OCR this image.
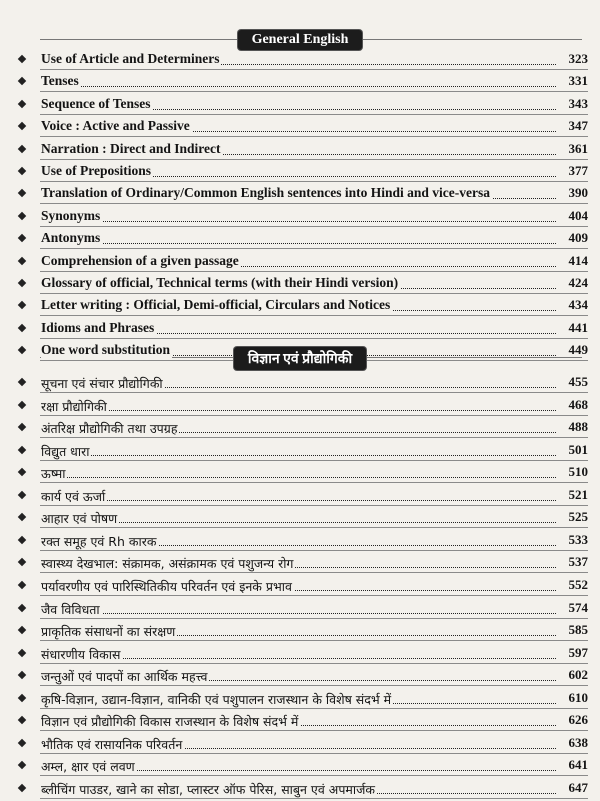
General English
Use of Article and Determiners	323
Tenses	331
Sequence of Tenses	343
Voice : Active and Passive	347
Narration : Direct and Indirect	361
Use of Prepositions	377
Translation of Ordinary/Common English sentences into Hindi and vice-versa	390
Synonyms	404
Antonyms	409
Comprehension of a given passage	414
Glossary of official, Technical terms (with their Hindi version)	424
Letter writing : Official, Demi-official, Circulars and Notices	434
Idioms and Phrases	441
One word substitution	449
विज्ञान एवं प्रौद्योगिकी
सूचना एवं संचार प्रौद्योगिकी	455
रक्षा प्रौद्योगिकी	468
अंतरिक्ष प्रौद्योगिकी तथा उपग्रह	488
विद्युत धारा	501
ऊष्मा	510
कार्य एवं ऊर्जा	521
आहार एवं पोषण	525
रक्त समूह एवं Rh कारक	533
स्वास्थ्य देखभाल: संक्रामक, असंक्रामक एवं पशुजन्य रोग	537
पर्यावरणीय एवं पारिस्थितिकीय परिवर्तन एवं इनके प्रभाव	552
जैव विविधता	574
प्राकृतिक संसाधनों का संरक्षण	585
संधारणीय विकास	597
जन्तुओं एवं पादपों का आर्थिक महत्त्व	602
कृषि-विज्ञान, उद्यान-विज्ञान, वानिकी एवं पशुपालन राजस्थान के विशेष संदर्भ में	610
विज्ञान एवं प्रौद्योगिकी विकास राजस्थान के विशेष संदर्भ में	626
भौतिक एवं रासायनिक परिवर्तन	638
अम्ल, क्षार एवं लवण	641
ब्लीचिंग पाउडर, खाने का सोडा, प्लास्टर ऑफ पेरिस, साबुन एवं अपमार्जक	647
